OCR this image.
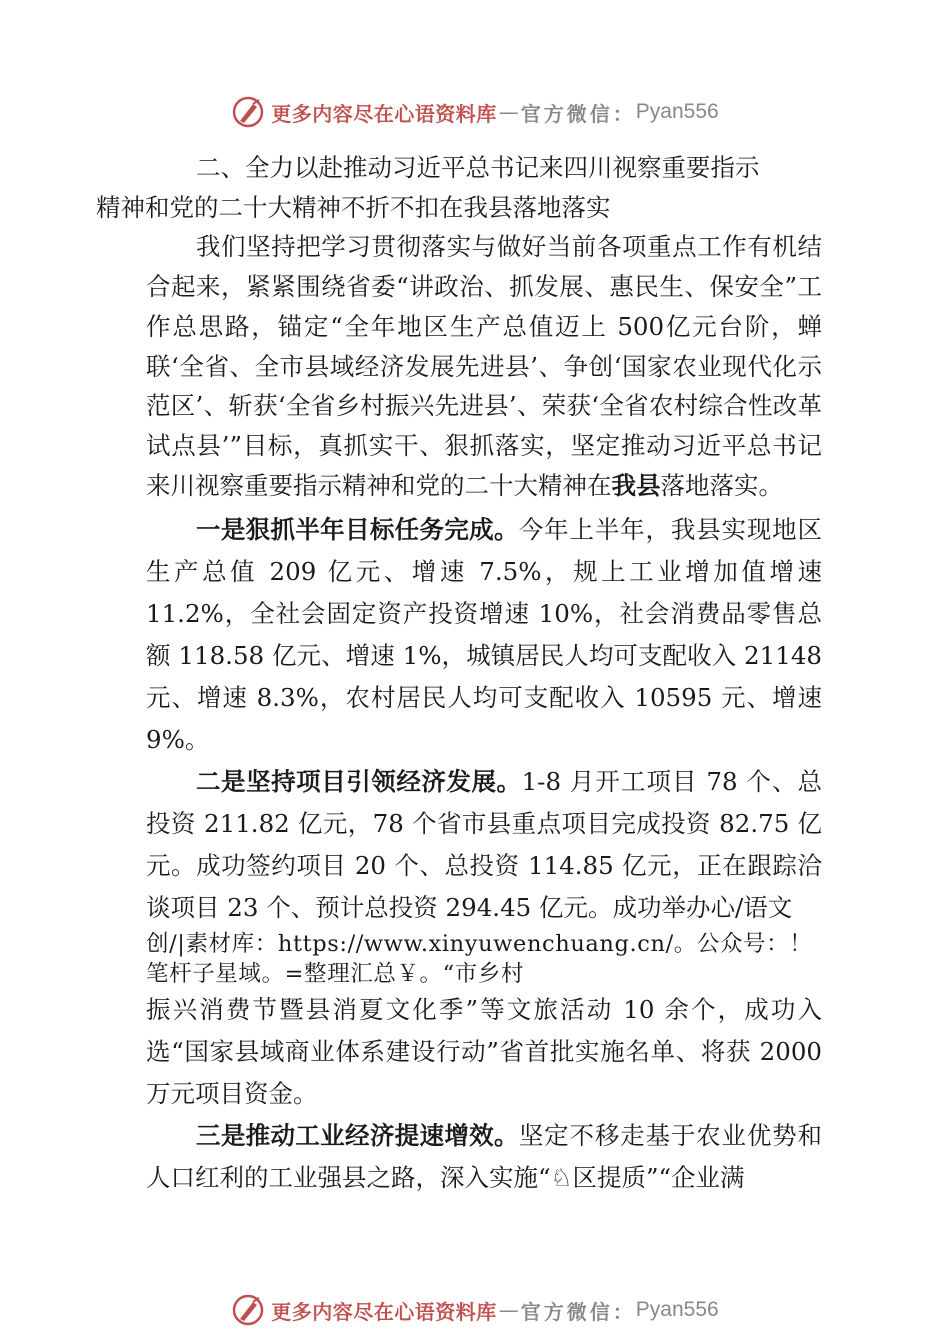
更多内容尽在心语资料库 — 官方微信： Pyan556

二、全力以赴推动习近平总书记来四川视察重要指示
精神和党的二十大精神不折不扣在我县落地落实

我们坚持把学习贯彻落实与做好当前各项重点工作有机结合起来，紧紧围绕省委“讲政治、抓发展、惠民生、保安全”工作总思路，锚定“全年地区生产总值迈上 500亿元台阶，蝉联‘全省、全市县域经济发展先进县’、争创‘国家农业现代化示范区’、斩获‘全省乡村振兴先进县’、荣获‘全省农村综合性改革试点县’”目标，真抓实干、狠抓落实，坚定推动习近平总书记来川视察重要指示精神和党的二十大精神在我县落地落实。

一是狠抓半年目标任务完成。今年上半年，我县实现地区生产总值 209 亿元、增速 7.5%，规上工业增加值增速 11.2%，全社会固定资产投资增速 10%，社会消费品零售总额 118.58 亿元、增速 1%，城镇居民人均可支配收入 21148 元、增速 8.3%，农村居民人均可支配收入 10595 元、增速 9%。

二是坚持项目引领经济发展。1-8 月开工项目 78 个、总投资 211.82 亿元，78 个省市县重点项目完成投资 82.75 亿元。成功签约项目 20 个、总投资 114.85 亿元，正在跟踪洽谈项目 23 个、预计总投资 294.45 亿元。成功举办心/语文

创/|素材库：https://www.xinyuwenchuang.cn/。公众号：！

笔杆子星域。=整理汇总￥。“市乡村

振兴消费节暨县消夏文化季”等文旅活动 10 余个，成功入选“国家县域商业体系建设行动”省首批实施名单、将获 2000 万元项目资金。

三是推动工业经济提速增效。坚定不移走基于农业优势和人口红利的工业强县之路，深入实施“♘区提质”“企业满

更多内容尽在心语资料库 — 官方微信： Pyan556
